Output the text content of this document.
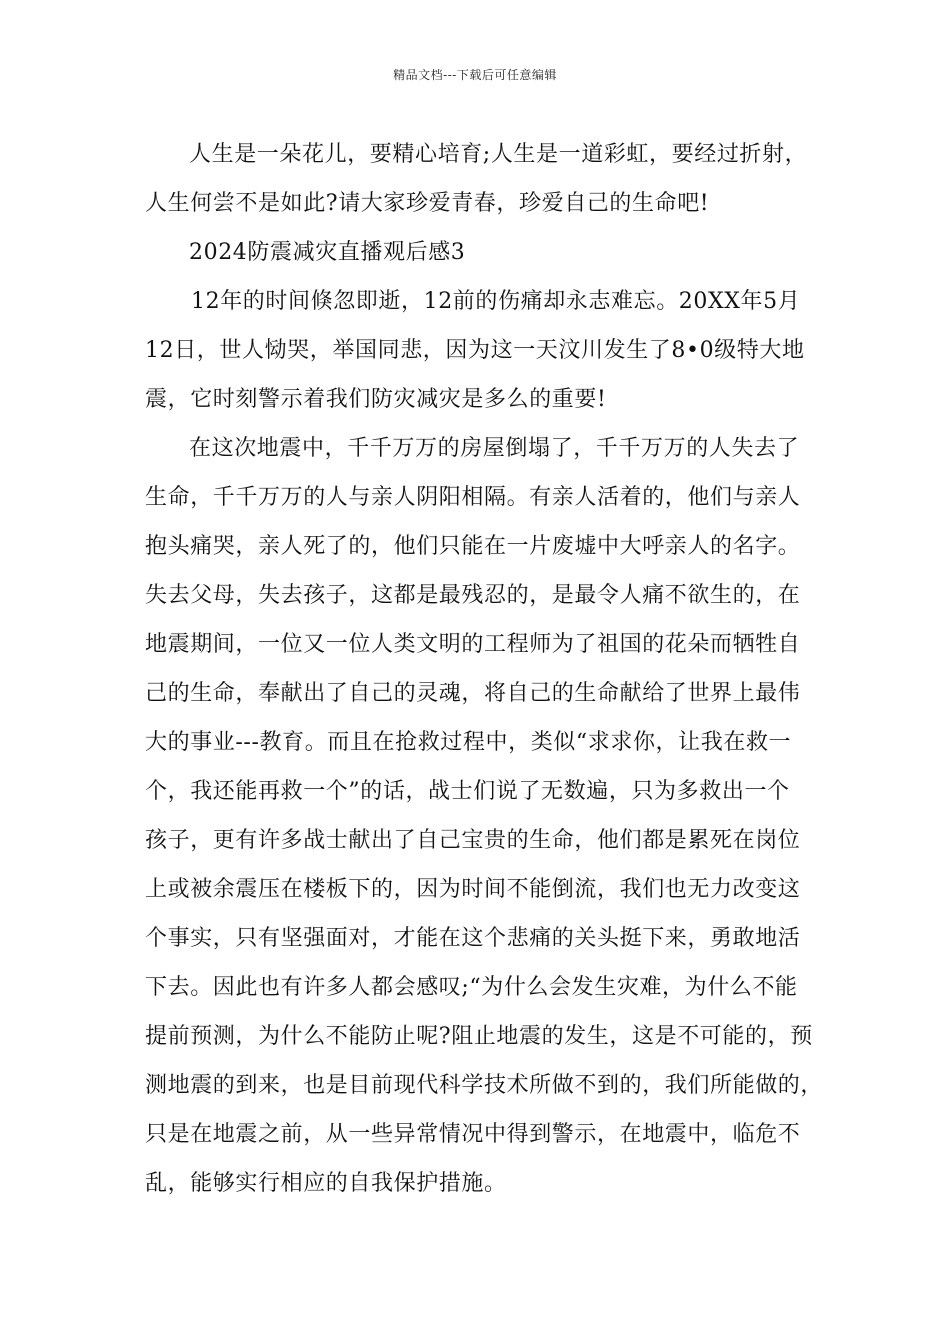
精品文档---下载后可任意编辑
人生是一朵花儿，要精心培育;人生是一道彩虹，要经过折射，
人生何尝不是如此?请大家珍爱青春，珍爱自己的生命吧!
2024防震减灾直播观后感3
12年的时间倏忽即逝，12前的伤痛却永志难忘。20XX年5月
12日，世人恸哭，举国同悲，因为这一天汶川发生了8•0级特大地
震，它时刻警示着我们防灾减灾是多么的重要!
在这次地震中，千千万万的房屋倒塌了，千千万万的人失去了
生命，千千万万的人与亲人阴阳相隔。有亲人活着的，他们与亲人
抱头痛哭，亲人死了的，他们只能在一片废墟中大呼亲人的名字。
失去父母，失去孩子，这都是最残忍的，是最令人痛不欲生的，在
地震期间，一位又一位人类文明的工程师为了祖国的花朵而牺牲自
己的生命，奉献出了自己的灵魂，将自己的生命献给了世界上最伟
大的事业---教育。而且在抢救过程中，类似“求求你，让我在救一
个，我还能再救一个”的话，战士们说了无数遍，只为多救出一个
孩子，更有许多战士献出了自己宝贵的生命，他们都是累死在岗位
上或被余震压在楼板下的，因为时间不能倒流，我们也无力改变这
个事实，只有坚强面对，才能在这个悲痛的关头挺下来，勇敢地活
下去。因此也有许多人都会感叹;“为什么会发生灾难，为什么不能
提前预测，为什么不能防止呢?阻止地震的发生，这是不可能的，预
测地震的到来，也是目前现代科学技术所做不到的，我们所能做的，
只是在地震之前，从一些异常情况中得到警示，在地震中，临危不
乱，能够实行相应的自我保护措施。
